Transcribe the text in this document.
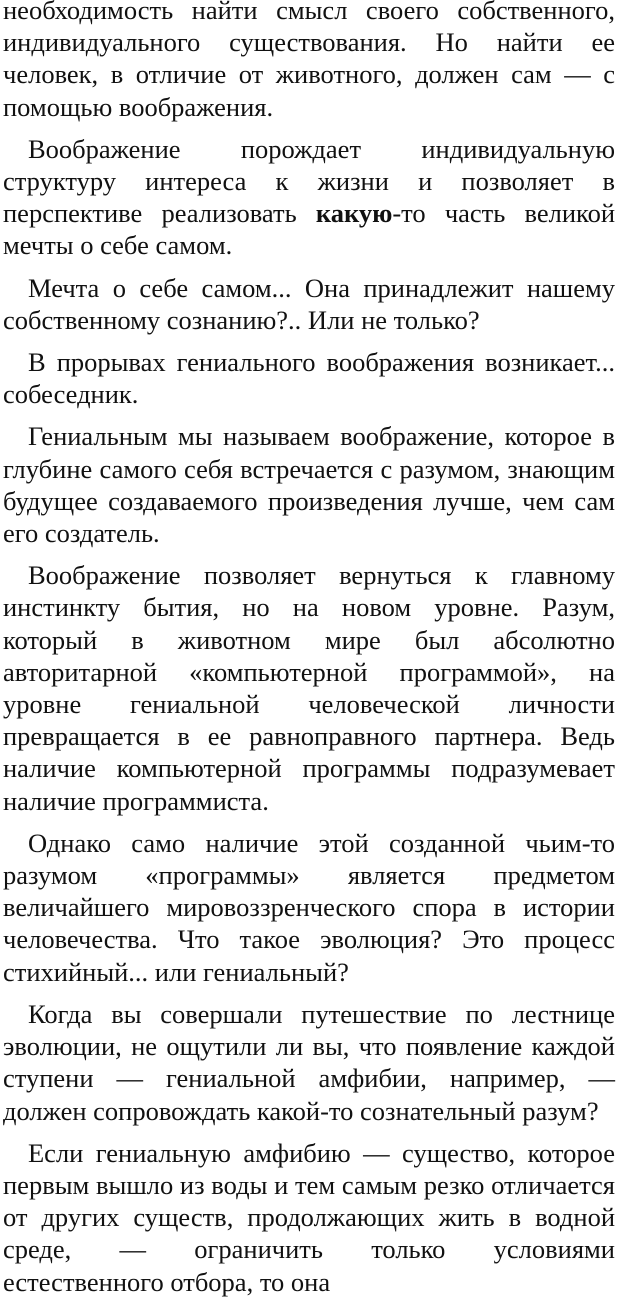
необходимость найти смысл своего собственного, индивидуального существования. Но найти ее человек, в отличие от животного, должен сам — с помощью воображения.

Воображение порождает индивидуальную структуру интереса к жизни и позволяет в перспективе реализовать какую-то часть великой мечты о себе самом.

Мечта о себе самом... Она принадлежит нашему собственному сознанию?.. Или не только?

В прорывах гениального воображения возникает... собеседник.

Гениальным мы называем воображение, которое в глубине самого себя встречается с разумом, знающим будущее создаваемого произведения лучше, чем сам его создатель.

Воображение позволяет вернуться к главному инстинкту бытия, но на новом уровне. Разум, который в животном мире был абсолютно авторитарной «компьютерной программой», на уровне гениальной человеческой личности превращается в ее равноправного партнера. Ведь наличие компьютерной программы подразумевает наличие программиста.

Однако само наличие этой созданной чьим-то разумом «программы» является предметом величайшего мировоззренческого спора в истории человечества. Что такое эволюция? Это процесс стихийный... или гениальный?

Когда вы совершали путешествие по лестнице эволюции, не ощутили ли вы, что появление каждой ступени — гениальной амфибии, например, — должен сопровождать какой-то сознательный разум?

Если гениальную амфибию — существо, которое первым вышло из воды и тем самым резко отличается от других существ, продолжающих жить в водной среде, — ограничить только условиями естественного отбора, то она
